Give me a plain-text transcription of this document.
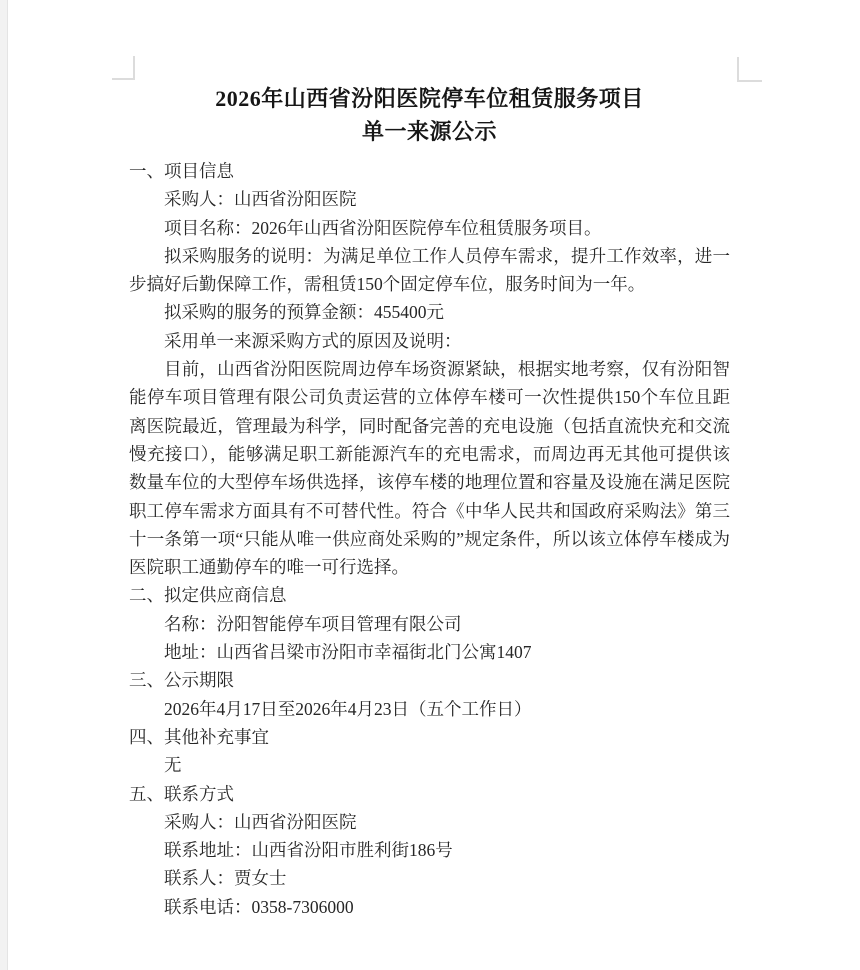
2026年山西省汾阳医院停车位租赁服务项目
单一来源公示

一、项目信息

采购人：山西省汾阳医院

项目名称：2026年山西省汾阳医院停车位租赁服务项目。

拟采购服务的说明：为满足单位工作人员停车需求，提升工作效率，进一步搞好后勤保障工作，需租赁150个固定停车位，服务时间为一年。

拟采购的服务的预算金额：455400元

采用单一来源采购方式的原因及说明：

目前，山西省汾阳医院周边停车场资源紧缺，根据实地考察，仅有汾阳智能停车项目管理有限公司负责运营的立体停车楼可一次性提供150个车位且距离医院最近，管理最为科学，同时配备完善的充电设施（包括直流快充和交流慢充接口），能够满足职工新能源汽车的充电需求，而周边再无其他可提供该数量车位的大型停车场供选择，该停车楼的地理位置和容量及设施在满足医院职工停车需求方面具有不可替代性。符合《中华人民共和国政府采购法》第三十一条第一项“只能从唯一供应商处采购的”规定条件，所以该立体停车楼成为医院职工通勤停车的唯一可行选择。

二、拟定供应商信息

名称：汾阳智能停车项目管理有限公司

地址：山西省吕梁市汾阳市幸福街北门公寓1407

三、公示期限

2026年4月17日至2026年4月23日（五个工作日）

四、其他补充事宜

无

五、联系方式

采购人：山西省汾阳医院

联系地址：山西省汾阳市胜利街186号

联系人：贾女士

联系电话：0358-7306000
